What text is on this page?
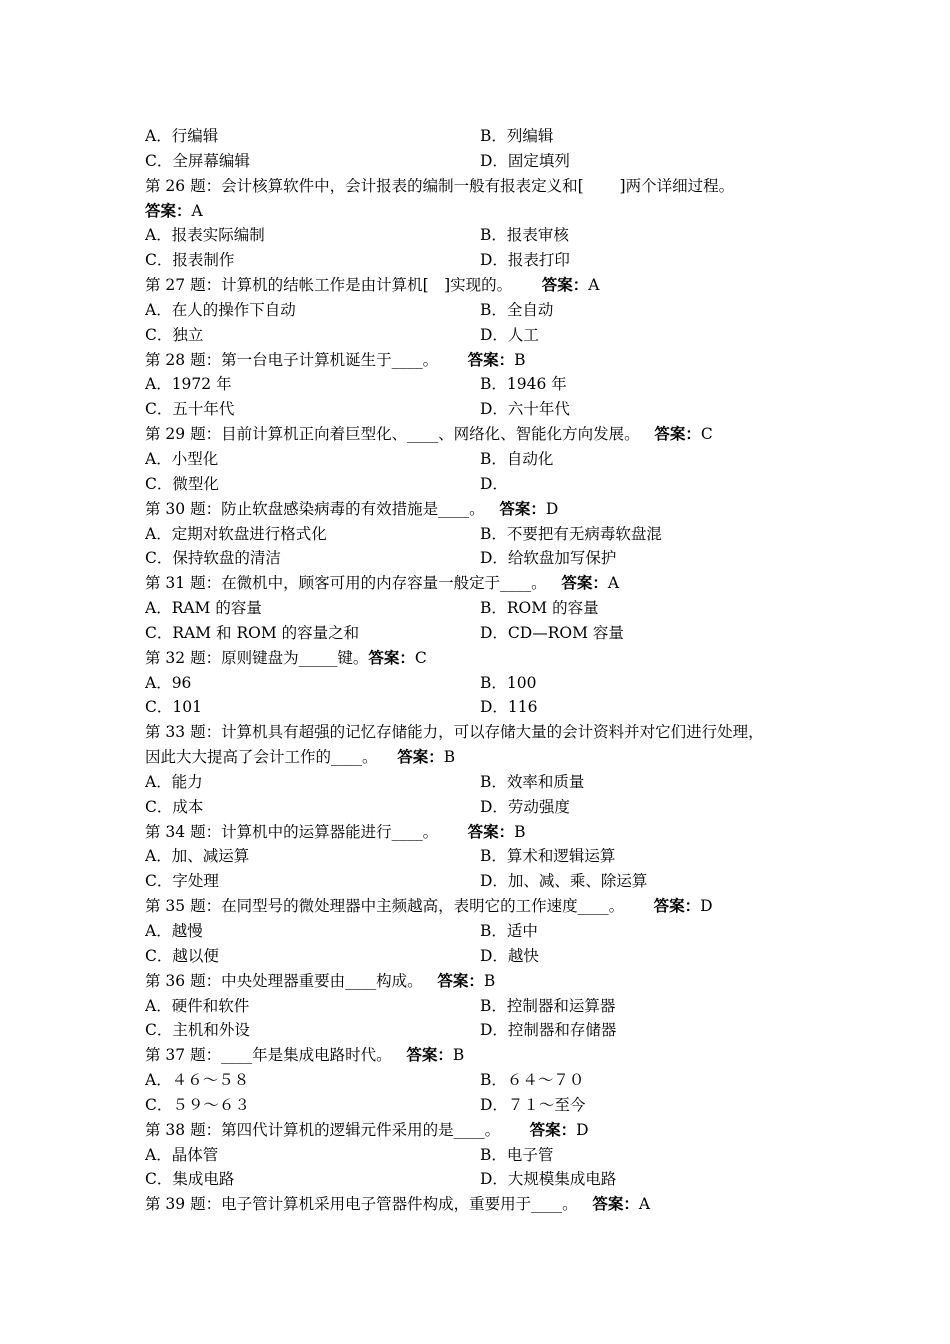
A．行编辑	B．列编辑
C．全屏幕编辑	D．固定填列
第 26 题：会计核算软件中，会计报表的编制一般有报表定义和[　　 ]两个详细过程。
答案：A
A．报表实际编制	B．报表审核
C．报表制作	D．报表打印
第 27 题：计算机的结帐工作是由计算机[　]实现的。 答案：A
A．在人的操作下自动	B．全自动
C．独立	D．人工
第 28 题：第一台电子计算机诞生于____。 答案：B
A．1972 年	B．1946 年
C．五十年代	D．六十年代
第 29 题：目前计算机正向着巨型化、____、网络化、智能化方向发展。 答案：C
A．小型化	B．自动化
C．微型化	D．
第 30 题：防止软盘感染病毒的有效措施是____。 答案：D
A．定期对软盘进行格式化	B．不要把有无病毒软盘混
C．保持软盘的清洁	D．给软盘加写保护
第 31 题：在微机中，顾客可用的内存容量一般定于____。 答案：A
A．RAM 的容量	B．ROM 的容量
C．RAM 和 ROM 的容量之和	D．CD—ROM 容量
第 32 题：原则键盘为_____键。答案：C
A．96	B．100
C．101	D．116
第 33 题：计算机具有超强的记忆存储能力，可以存储大量的会计资料并对它们进行处理，
因此大大提高了会计工作的____。 答案：B
A．能力	B．效率和质量
C．成本	D．劳动强度
第 34 题：计算机中的运算器能进行____。 答案：B
A．加、减运算	B．算术和逻辑运算
C．字处理	D．加、减、乘、除运算
第 35 题：在同型号的微处理器中主频越高，表明它的工作速度____。 答案：D
A．越慢	B．适中
C．越以便	D．越快
第 36 题：中央处理器重要由____构成。 答案：B
A．硬件和软件	B．控制器和运算器
C．主机和外设	D．控制器和存储器
第 37 题：____年是集成电路时代。 答案：B
A．４６～５８	B．６４～７０
C．５９～６３	D．７１～至今
第 38 题：第四代计算机的逻辑元件采用的是____。 答案：D
A．晶体管	B．电子管
C．集成电路	D．大规模集成电路
第 39 题：电子管计算机采用电子管器件构成，重要用于____。 答案：A
